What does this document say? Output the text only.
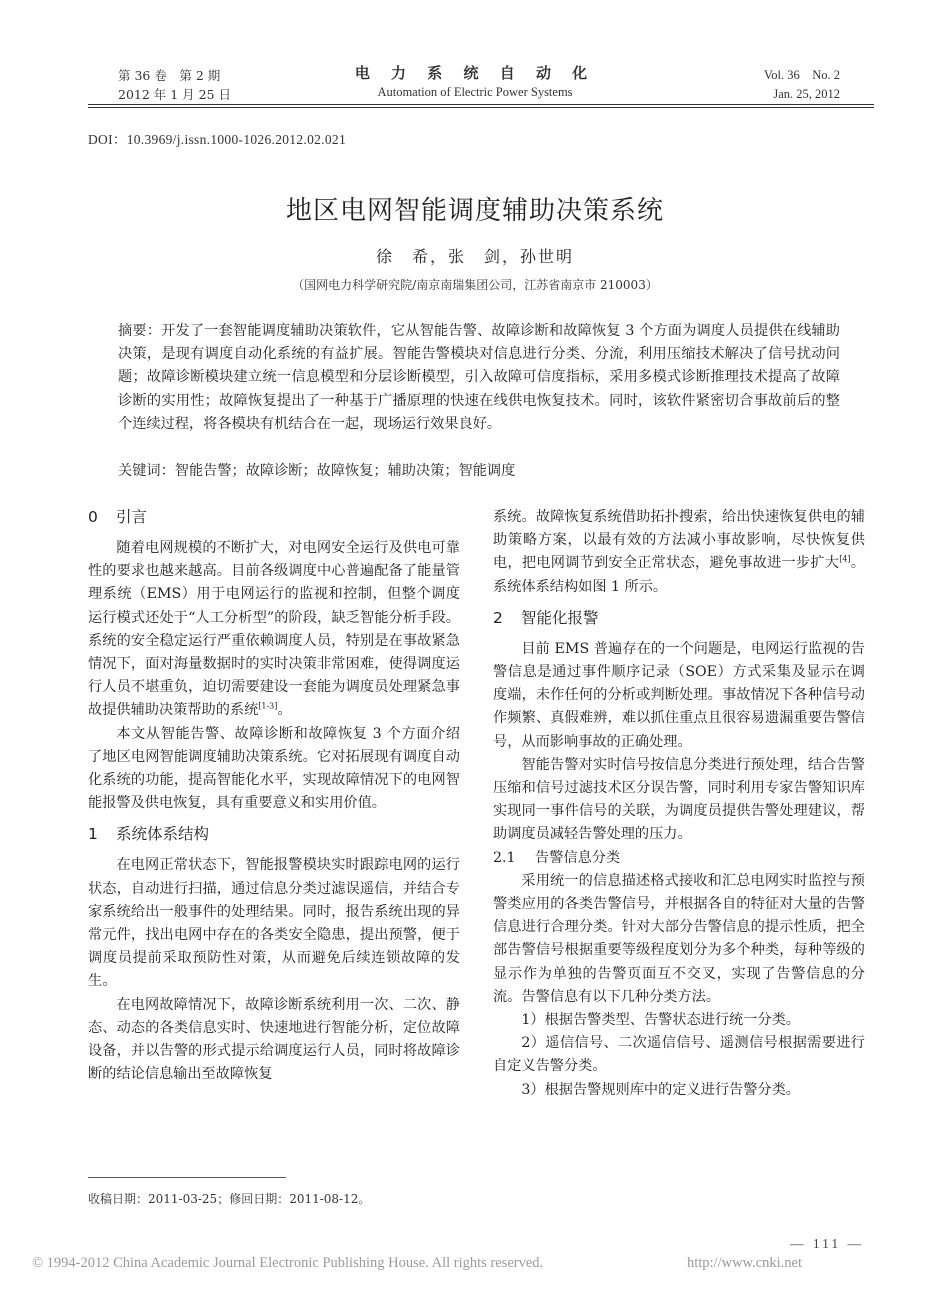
第 36 卷　第 2 期
2012 年 1 月 25 日
电 力 系 统 自 动 化
Automation of Electric Power Systems
Vol. 36　No. 2
Jan. 25, 2012
DOI：10.3969/j.issn.1000-1026.2012.02.021
地区电网智能调度辅助决策系统
徐　希，张　剑，孙世明
（国网电力科学研究院/南京南瑞集团公司，江苏省南京市 210003）
摘要：开发了一套智能调度辅助决策软件，它从智能告警、故障诊断和故障恢复 3 个方面为调度人员提供在线辅助决策，是现有调度自动化系统的有益扩展。智能告警模块对信息进行分类、分流，利用压缩技术解决了信号扰动问题；故障诊断模块建立统一信息模型和分层诊断模型，引入故障可信度指标，采用多模式诊断推理技术提高了故障诊断的实用性；故障恢复提出了一种基于广播原理的快速在线供电恢复技术。同时，该软件紧密切合事故前后的整个连续过程，将各模块有机结合在一起，现场运行效果良好。
关键词：智能告警；故障诊断；故障恢复；辅助决策；智能调度
0 引言

随着电网规模的不断扩大，对电网安全运行及供电可靠性的要求也越来越高。目前各级调度中心普遍配备了能量管理系统（EMS）用于电网运行的监视和控制，但整个调度运行模式还处于“人工分析型”的阶段，缺乏智能分析手段。系统的安全稳定运行严重依赖调度人员，特别是在事故紧急情况下，面对海量数据时的实时决策非常困难，使得调度运行人员不堪重负，迫切需要建设一套能为调度员处理紧急事故提供辅助决策帮助的系统[1-3]。

本文从智能告警、故障诊断和故障恢复 3 个方面介绍了地区电网智能调度辅助决策系统。它对拓展现有调度自动化系统的功能，提高智能化水平，实现故障情况下的电网智能报警及供电恢复，具有重要意义和实用价值。

1 系统体系结构

在电网正常状态下，智能报警模块实时跟踪电网的运行状态，自动进行扫描，通过信息分类过滤误遥信，并结合专家系统给出一般事件的处理结果。同时，报告系统出现的异常元件，找出电网中存在的各类安全隐患，提出预警，便于调度员提前采取预防性对策，从而避免后续连锁故障的发生。

在电网故障情况下，故障诊断系统利用一次、二次、静态、动态的各类信息实时、快速地进行智能分析，定位故障设备，并以告警的形式提示给调度运行人员，同时将故障诊断的结论信息输出至故障恢复

系统。故障恢复系统借助拓扑搜索，给出快速恢复供电的辅助策略方案，以最有效的方法减小事故影响，尽快恢复供电，把电网调节到安全正常状态，避免事故进一步扩大[4]。系统体系结构如图 1 所示。

2 智能化报警

目前 EMS 普遍存在的一个问题是，电网运行监视的告警信息是通过事件顺序记录（SOE）方式采集及显示在调度端，未作任何的分析或判断处理。事故情况下各种信号动作频繁、真假难辨，难以抓住重点且很容易遗漏重要告警信号，从而影响事故的正确处理。

智能告警对实时信号按信息分类进行预处理，结合告警压缩和信号过滤技术区分误告警，同时利用专家告警知识库实现同一事件信号的关联，为调度员提供告警处理建议，帮助调度员减轻告警处理的压力。

2.1 告警信息分类

采用统一的信息描述格式接收和汇总电网实时监控与预警类应用的各类告警信号，并根据各自的特征对大量的告警信息进行合理分类。针对大部分告警信息的提示性质，把全部告警信号根据重要等级程度划分为多个种类，每种等级的显示作为单独的告警页面互不交叉，实现了告警信息的分流。告警信息有以下几种分类方法。

1）根据告警类型、告警状态进行统一分类。

2）遥信信号、二次遥信信号、遥测信号根据需要进行自定义告警分类。

3）根据告警规则库中的定义进行告警分类。

收稿日期：2011-03-25；修回日期：2011-08-12。
— 111 —
© 1994-2012 China Academic Journal Electronic Publishing House. All rights reserved.	http://www.cnki.net
